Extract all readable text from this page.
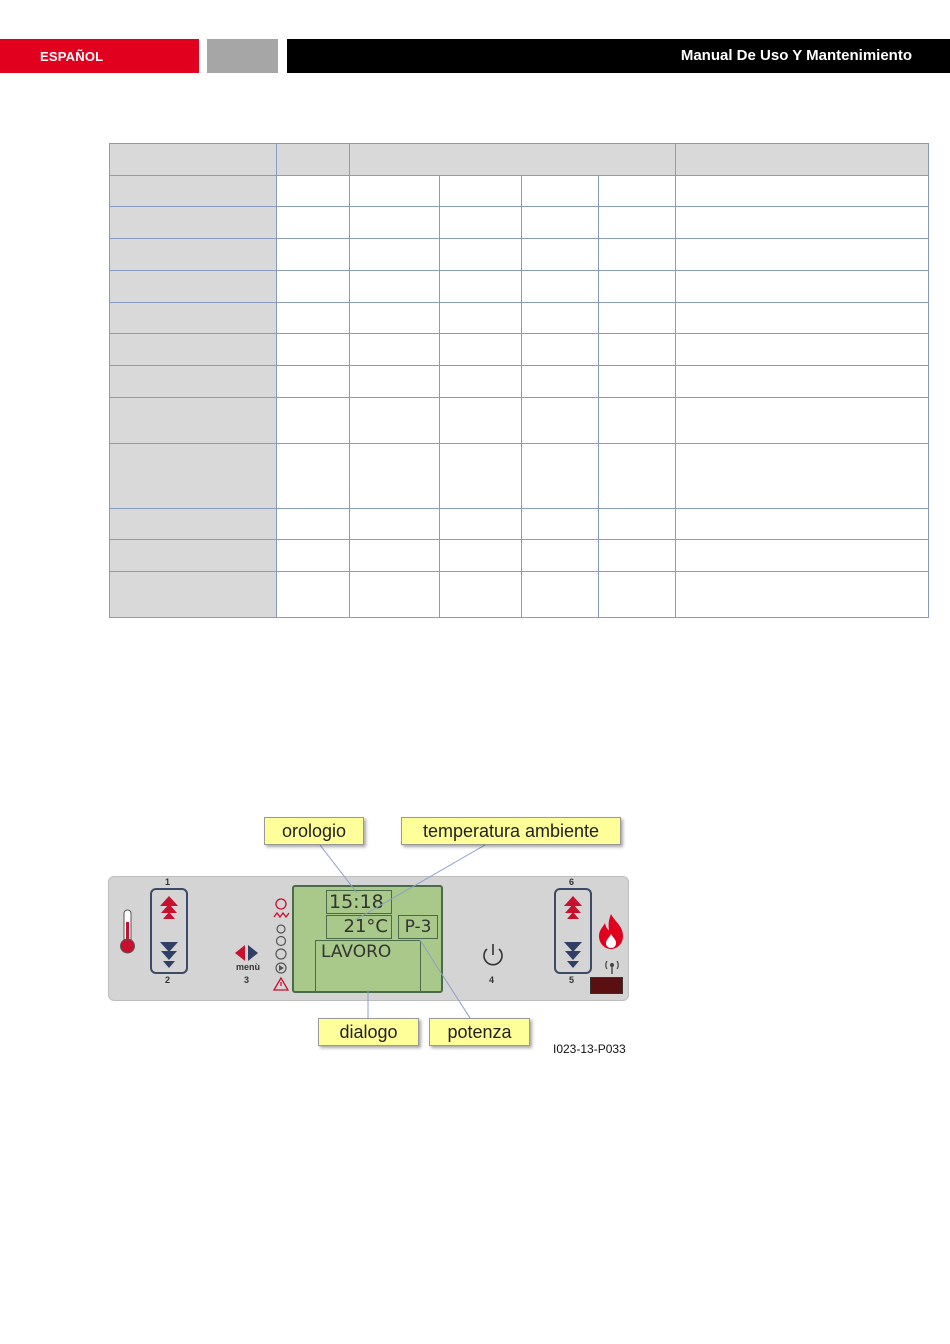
ESPAÑOL	Manual De Uso Y Mantenimiento
1
2
menù
3
15:18
21°C P-3
LAVORO
4
6
5
orologio	temperatura ambiente
dialogo	potenza
I023-13-P033
